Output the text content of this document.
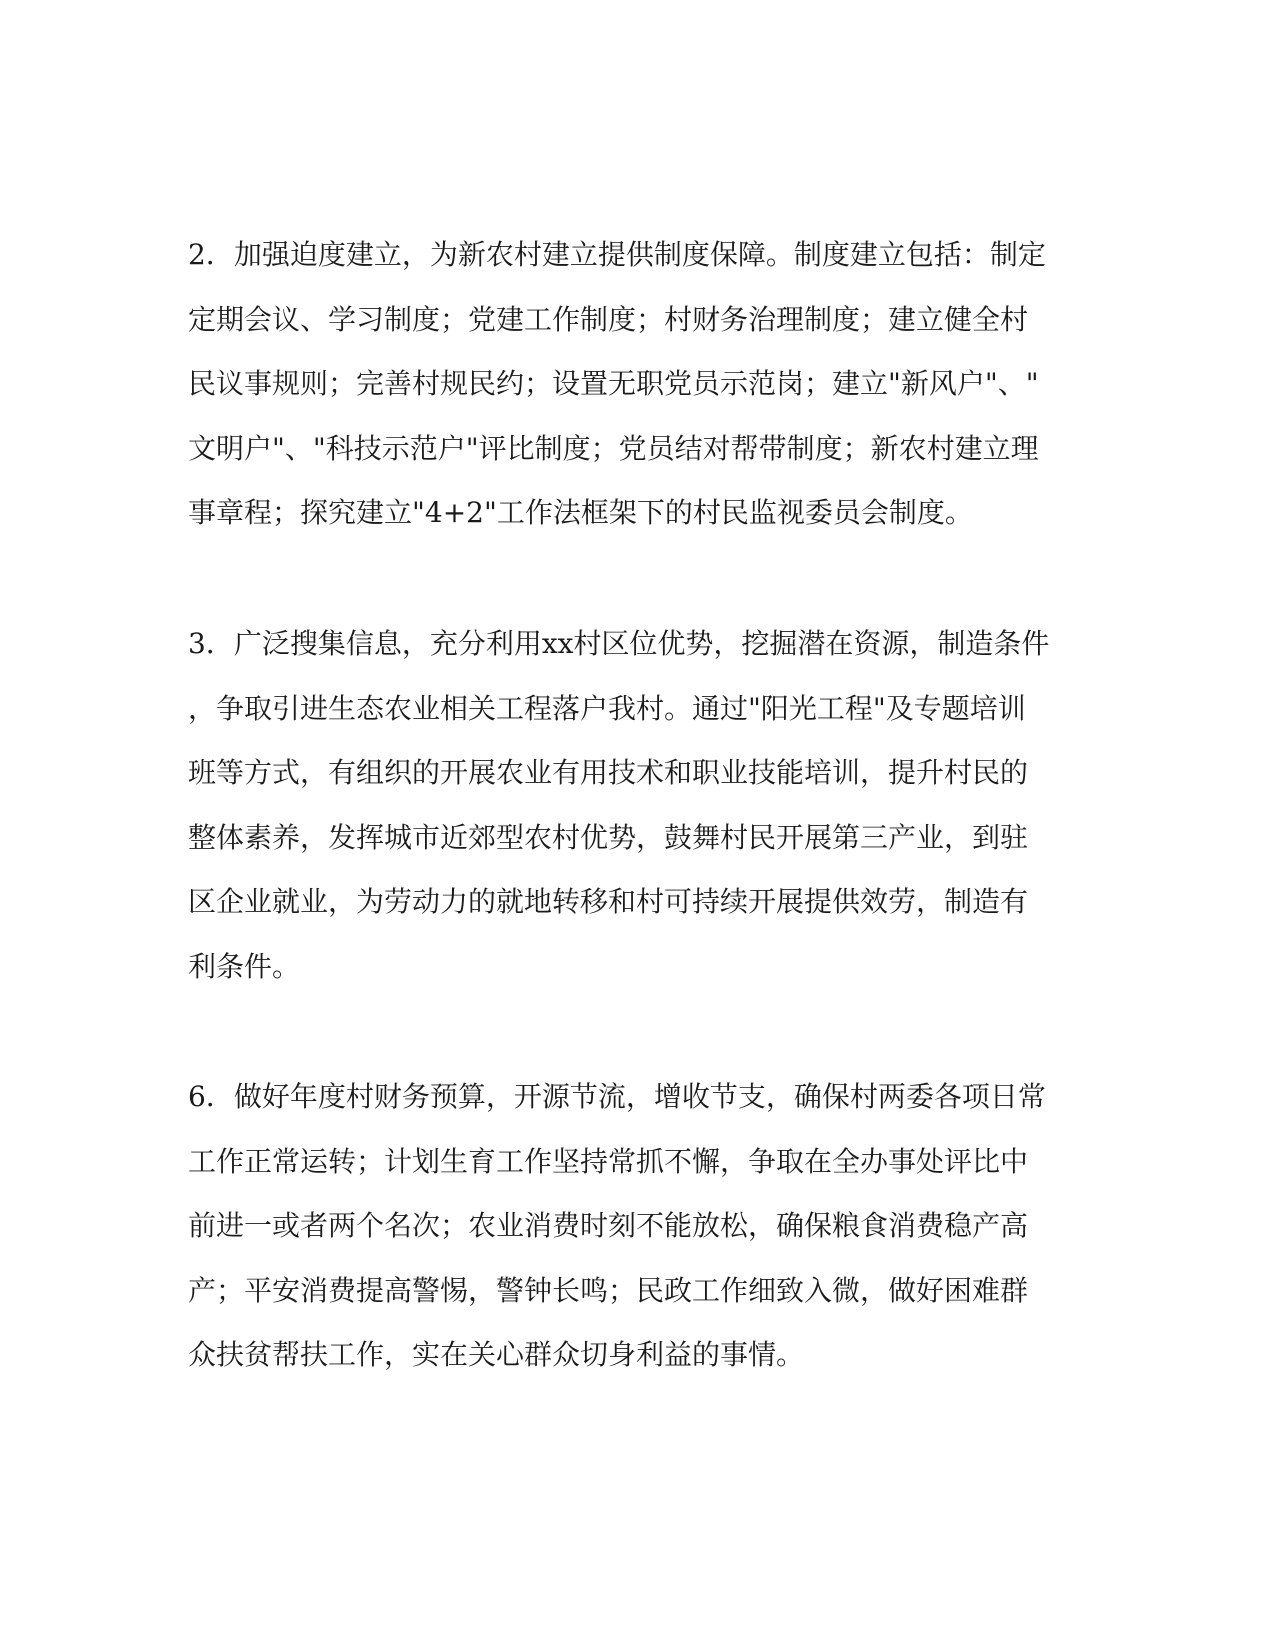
2．加强迫度建立，为新农村建立提供制度保障。制度建立包括：制定
定期会议、学习制度；党建工作制度；村财务治理制度；建立健全村
民议事规则；完善村规民约；设置无职党员示范岗；建立"新风户"、"
文明户"、"科技示范户"评比制度；党员结对帮带制度；新农村建立理
事章程；探究建立"4+2"工作法框架下的村民监视委员会制度。

3．广泛搜集信息，充分利用xx村区位优势，挖掘潜在资源，制造条件
，争取引进生态农业相关工程落户我村。通过"阳光工程"及专题培训
班等方式，有组织的开展农业有用技术和职业技能培训，提升村民的
整体素养，发挥城市近郊型农村优势，鼓舞村民开展第三产业，到驻
区企业就业，为劳动力的就地转移和村可持续开展提供效劳，制造有
利条件。

6．做好年度村财务预算，开源节流，增收节支，确保村两委各项日常
工作正常运转；计划生育工作坚持常抓不懈，争取在全办事处评比中
前进一或者两个名次；农业消费时刻不能放松，确保粮食消费稳产高
产；平安消费提高警惕，警钟长鸣；民政工作细致入微，做好困难群
众扶贫帮扶工作，实在关心群众切身利益的事情。
